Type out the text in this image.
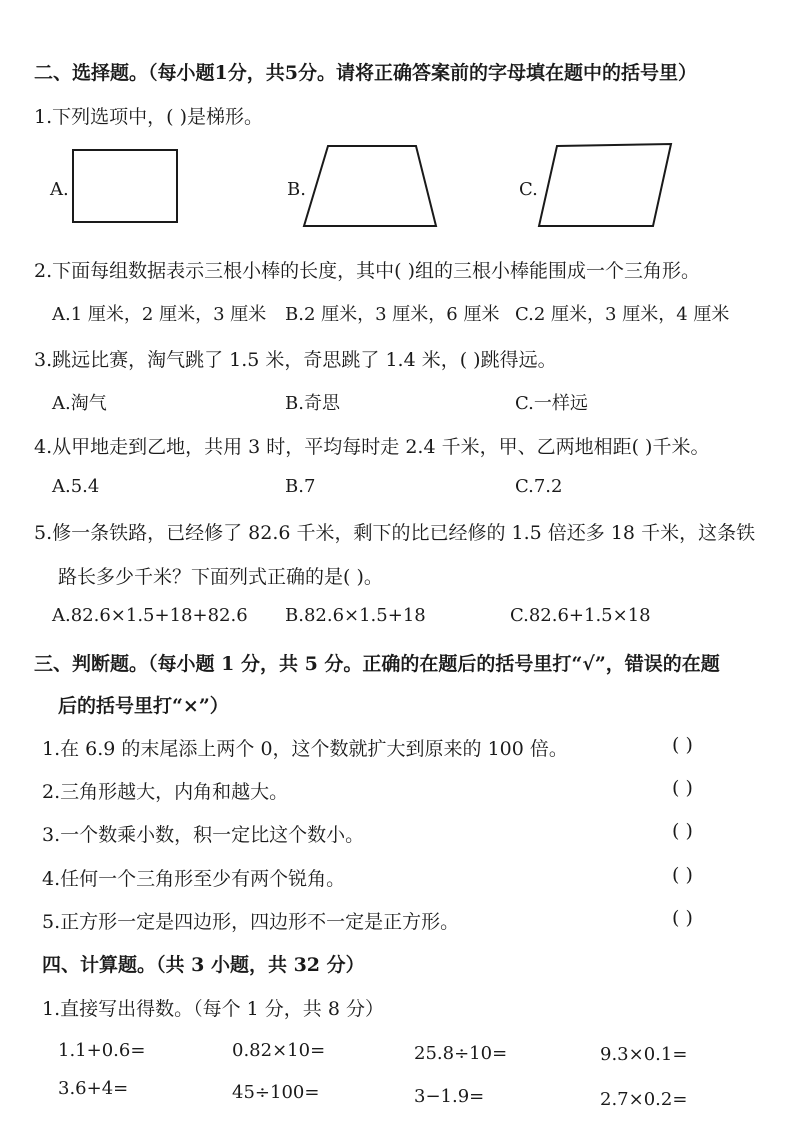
二、选择题。（每小题1分，共5分。请将正确答案前的字母填在题中的括号里）
1.下列选项中，( )是梯形。
A.	B.	C.
2.下面每组数据表示三根小棒的长度，其中( )组的三根小棒能围成一个三角形。
A.1 厘米，2 厘米，3 厘米 B.2 厘米，3 厘米，6 厘米 C.2 厘米，3 厘米，4 厘米
3.跳远比赛，淘气跳了 1.5 米，奇思跳了 1.4 米，( )跳得远。
A.淘气	B.奇思	C.一样远
4.从甲地走到乙地，共用 3 时，平均每时走 2.4 千米，甲、乙两地相距( )千米。
A.5.4	B.7	C.7.2
5.修一条铁路，已经修了 82.6 千米，剩下的比已经修的 1.5 倍还多 18 千米，这条铁
路长多少千米？下面列式正确的是( )。
A.82.6×1.5+18+82.6 B.82.6×1.5+18	C.82.6+1.5×18
三、判断题。（每小题 1 分，共 5 分。正确的在题后的括号里打“√”，错误的在题
后的括号里打“×”）
1.在 6.9 的末尾添上两个 0，这个数就扩大到原来的 100 倍。	( )
2.三角形越大，内角和越大。	( )
3.一个数乘小数，积一定比这个数小。	( )
4.任何一个三角形至少有两个锐角。	( )
5.正方形一定是四边形，四边形不一定是正方形。	( )
四、计算题。（共 3 小题，共 32 分）
1.直接写出得数。（每个 1 分，共 8 分）
1.1+0.6=	0.82×10=	25.8÷10=	9.3×0.1=
3.6+4=	45÷100=	3−1.9=	2.7×0.2=
